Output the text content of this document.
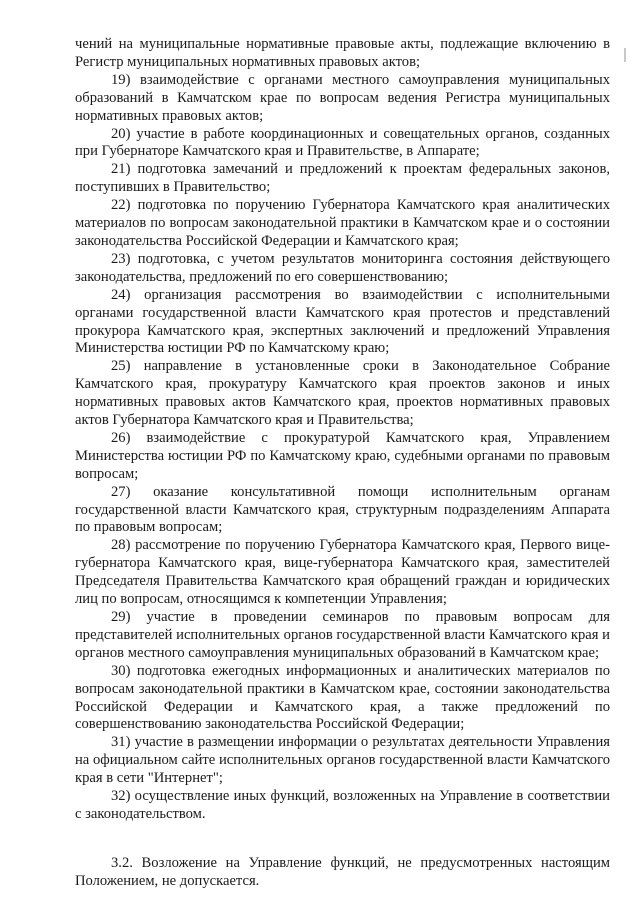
чений на муниципальные нормативные правовые акты, подлежащие включению в Регистр муниципальных нормативных правовых актов;

19) взаимодействие с органами местного самоуправления муниципальных образований в Камчатском крае по вопросам ведения Регистра муниципальных нормативных правовых актов;

20) участие в работе координационных и совещательных органов, созданных при Губернаторе Камчатского края и Правительстве, в Аппарате;

21) подготовка замечаний и предложений к проектам федеральных законов, поступивших в Правительство;

22) подготовка по поручению Губернатора Камчатского края аналитических материалов по вопросам законодательной практики в Камчатском крае и о состоянии законодательства Российской Федерации и Камчатского края;

23) подготовка, с учетом результатов мониторинга состояния действующего законодательства, предложений по его совершенствованию;

24) организация рассмотрения во взаимодействии с исполнительными органами государственной власти Камчатского края протестов и представлений прокурора Камчатского края, экспертных заключений и предложений Управления Министерства юстиции РФ по Камчатскому краю;

25) направление в установленные сроки в Законодательное Собрание Камчатского края, прокуратуру Камчатского края проектов законов и иных нормативных правовых актов Камчатского края, проектов нормативных правовых актов Губернатора Камчатского края и Правительства;

26) взаимодействие с прокуратурой Камчатского края, Управлением Министерства юстиции РФ по Камчатскому краю, судебными органами по правовым вопросам;

27) оказание консультативной помощи исполнительным органам государственной власти Камчатского края, структурным подразделениям Аппарата по правовым вопросам;

28) рассмотрение по поручению Губернатора Камчатского края, Первого вице-губернатора Камчатского края, вице-губернатора Камчатского края, заместителей Председателя Правительства Камчатского края обращений граждан и юридических лиц по вопросам, относящимся к компетенции Управления;

29) участие в проведении семинаров по правовым вопросам для представителей исполнительных органов государственной власти Камчатского края и органов местного самоуправления муниципальных образований в Камчатском крае;

30) подготовка ежегодных информационных и аналитических материалов по вопросам законодательной практики в Камчатском крае, состоянии законодательства Российской Федерации и Камчатского края, а также предложений по совершенствованию законодательства Российской Федерации;

31) участие в размещении информации о результатах деятельности Управления на официальном сайте исполнительных органов государственной власти Камчатского края в сети "Интернет";

32) осуществление иных функций, возложенных на Управление в соответствии с законодательством.

3.2. Возложение на Управление функций, не предусмотренных настоящим Положением, не допускается.
